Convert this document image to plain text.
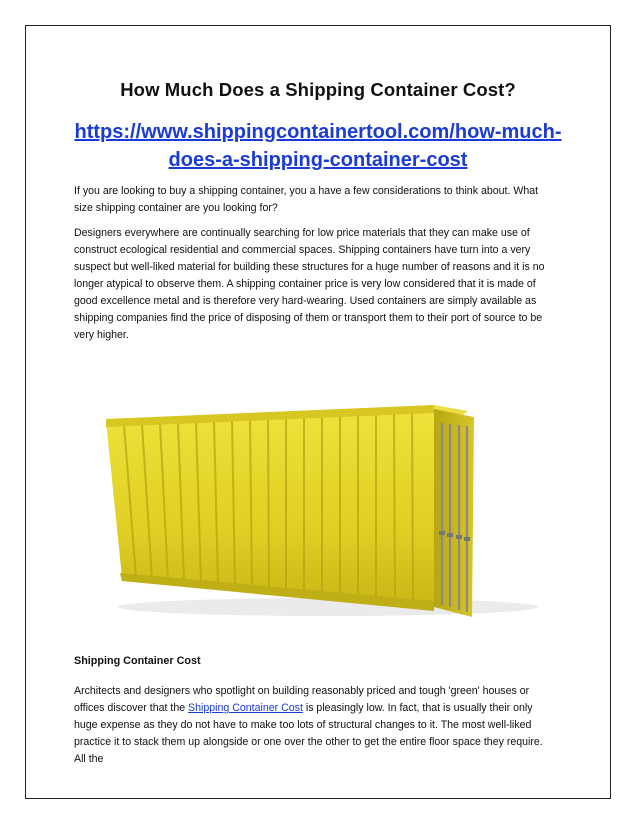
How Much Does a Shipping Container Cost?
https://www.shippingcontainertool.com/how-much-does-a-shipping-container-cost
If you are looking to buy a shipping container, you a have a few considerations to think about. What size shipping container are you looking for?
Designers everywhere are continually searching for low price materials that they can make use of construct ecological residential and commercial spaces. Shipping containers have turn into a very suspect but well-liked material for building these structures for a huge number of reasons and it is no longer atypical to observe them. A shipping container price is very low considered that it is made of good excellence metal and is therefore very hard-wearing. Used containers are simply available as shipping companies find the price of disposing of them or transport them to their port of source to be very higher.
Shipping Container Cost
Architects and designers who spotlight on building reasonably priced and tough 'green' houses or offices discover that the Shipping Container Cost is pleasingly low. In fact, that is usually their only huge expense as they do not have to make too lots of structural changes to it. The most well-liked practice it to stack them up alongside or one over the other to get the entire floor space they require. All the
